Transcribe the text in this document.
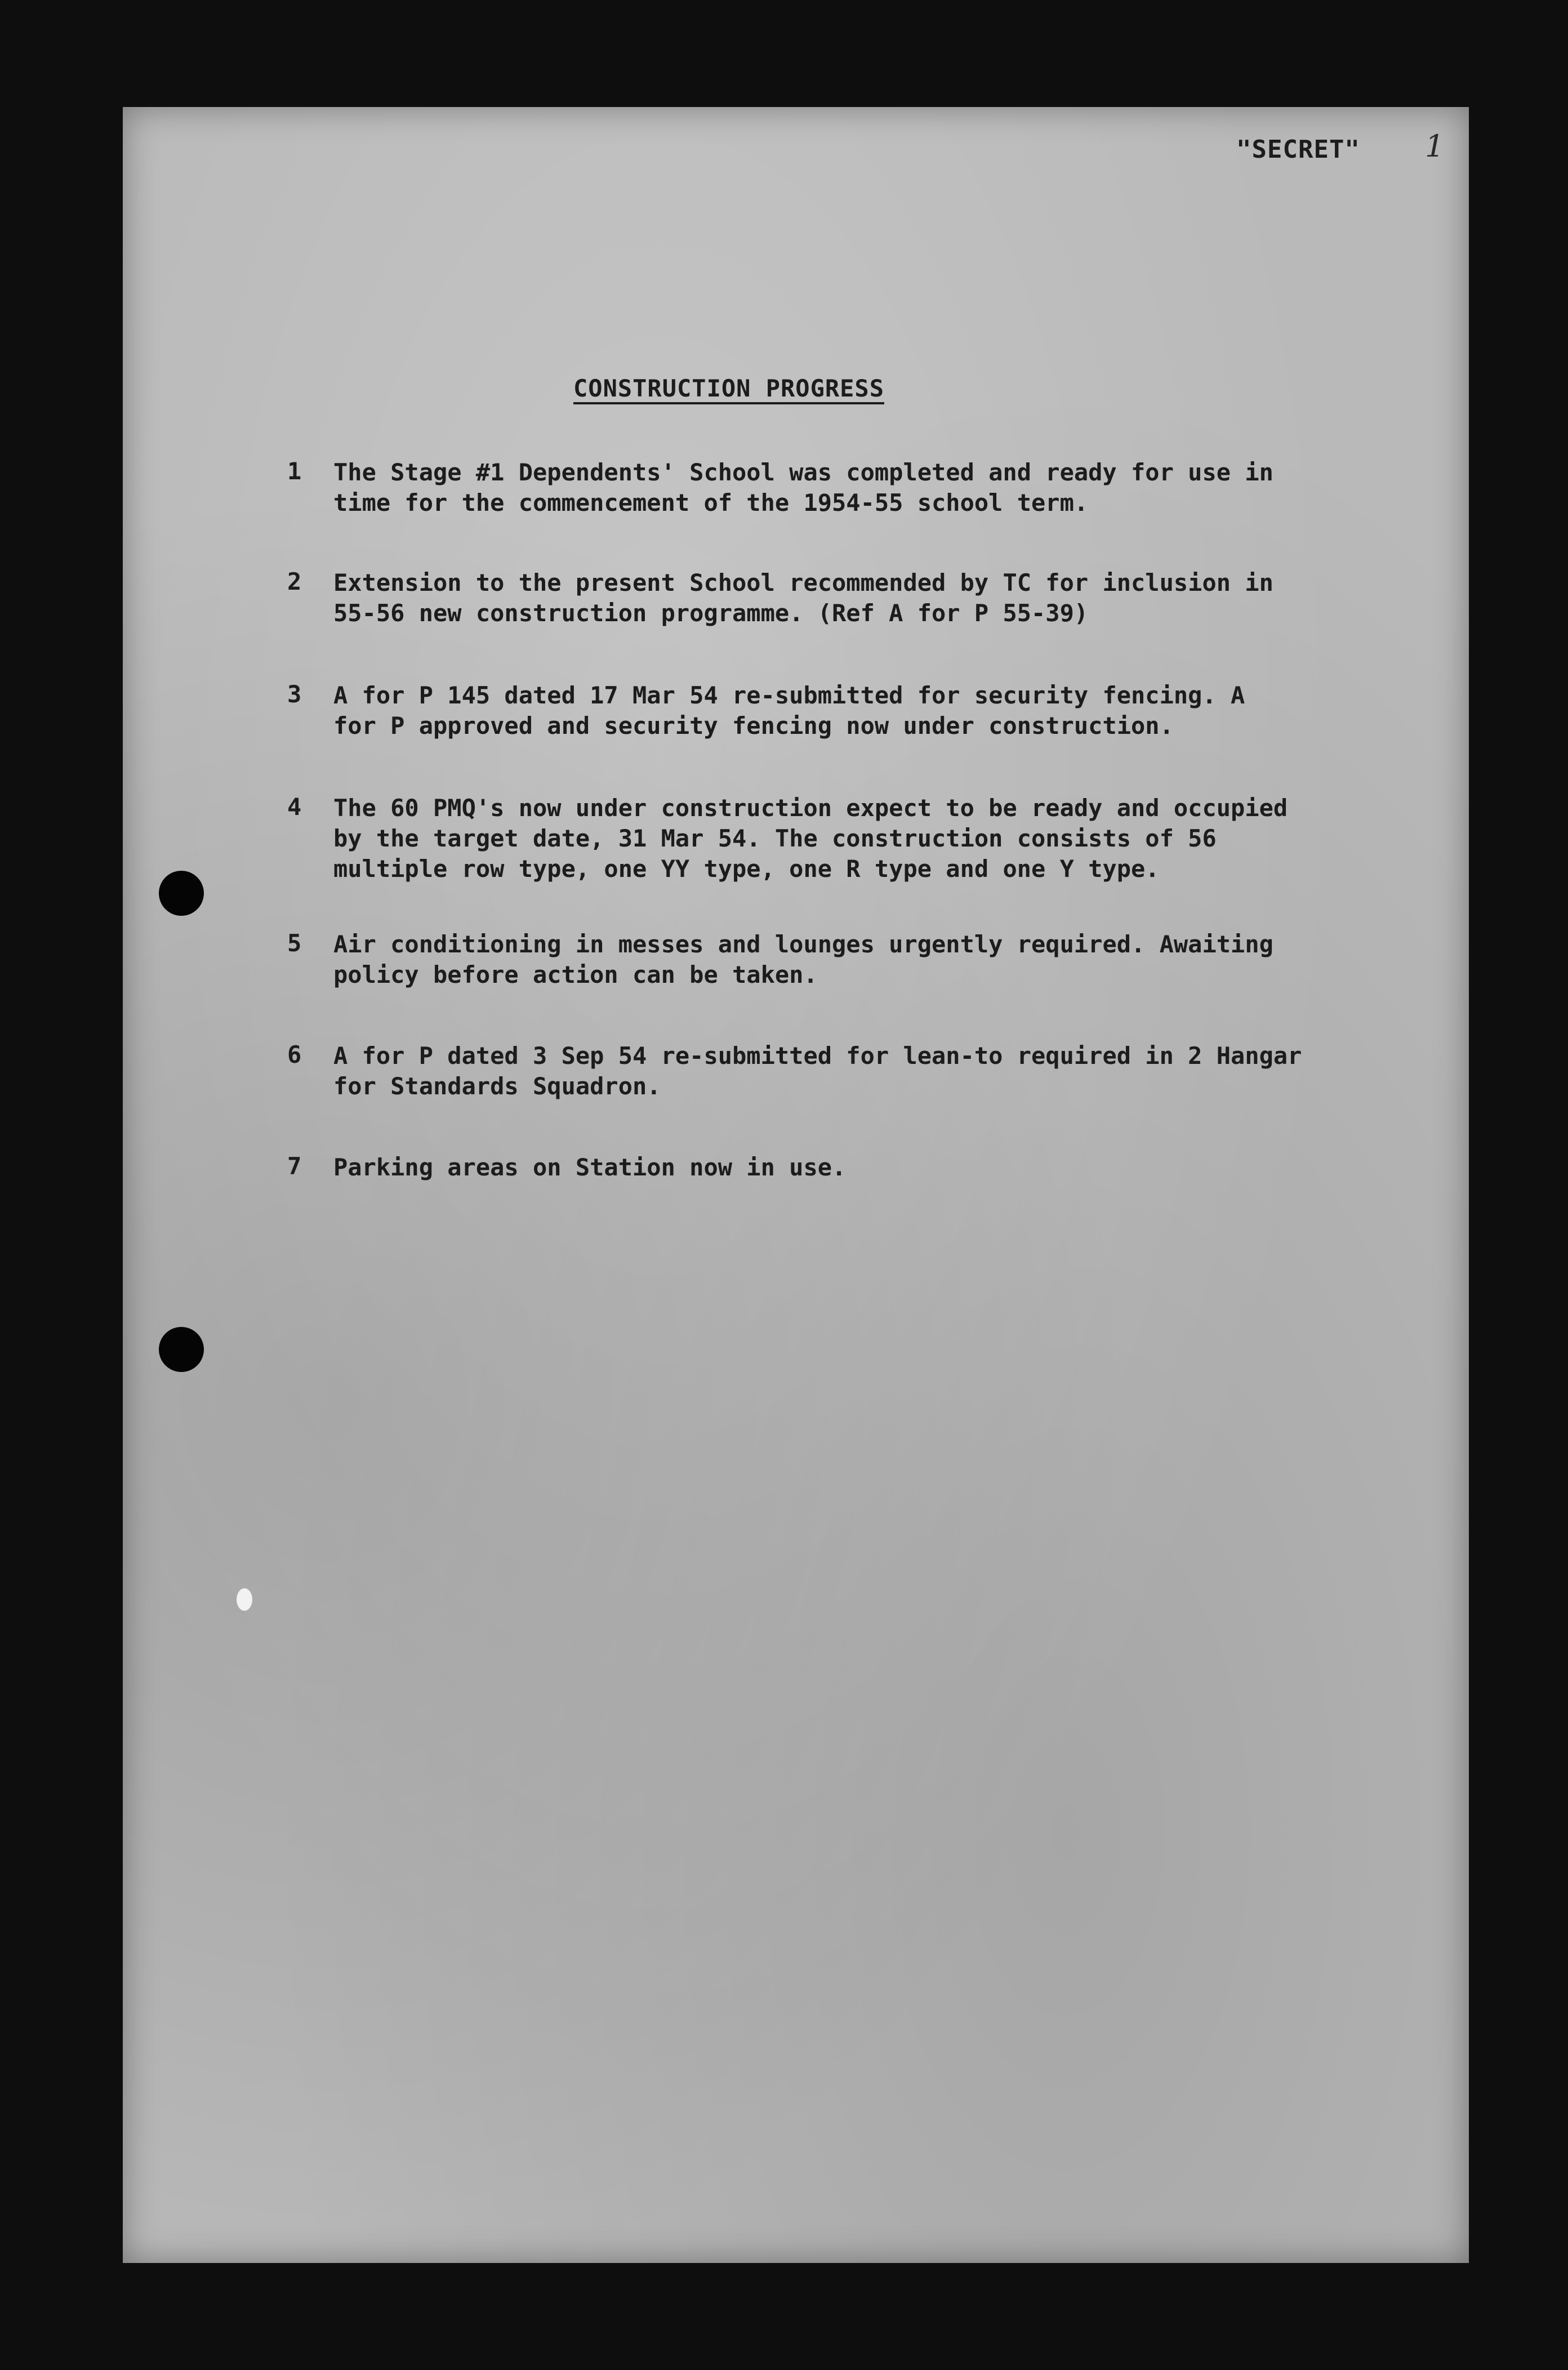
"SECRET" 1
CONSTRUCTION PROGRESS
1	The Stage #1 Dependents' School was completed and ready for use in
time for the commencement of the 1954-55 school term.
2	Extension to the present School recommended by TC for inclusion in
55-56 new construction programme. (Ref A for P 55-39)
3	A for P 145 dated 17 Mar 54 re-submitted for security fencing. A
for P approved and security fencing now under construction.
4	The 60 PMQ's now under construction expect to be ready and occupied
by the target date, 31 Mar 54. The construction consists of 56
multiple row type, one YY type, one R type and one Y type.
5	Air conditioning in messes and lounges urgently required. Awaiting
policy before action can be taken.
6	A for P dated 3 Sep 54 re-submitted for lean-to required in 2 Hangar
for Standards Squadron.
7	Parking areas on Station now in use.
